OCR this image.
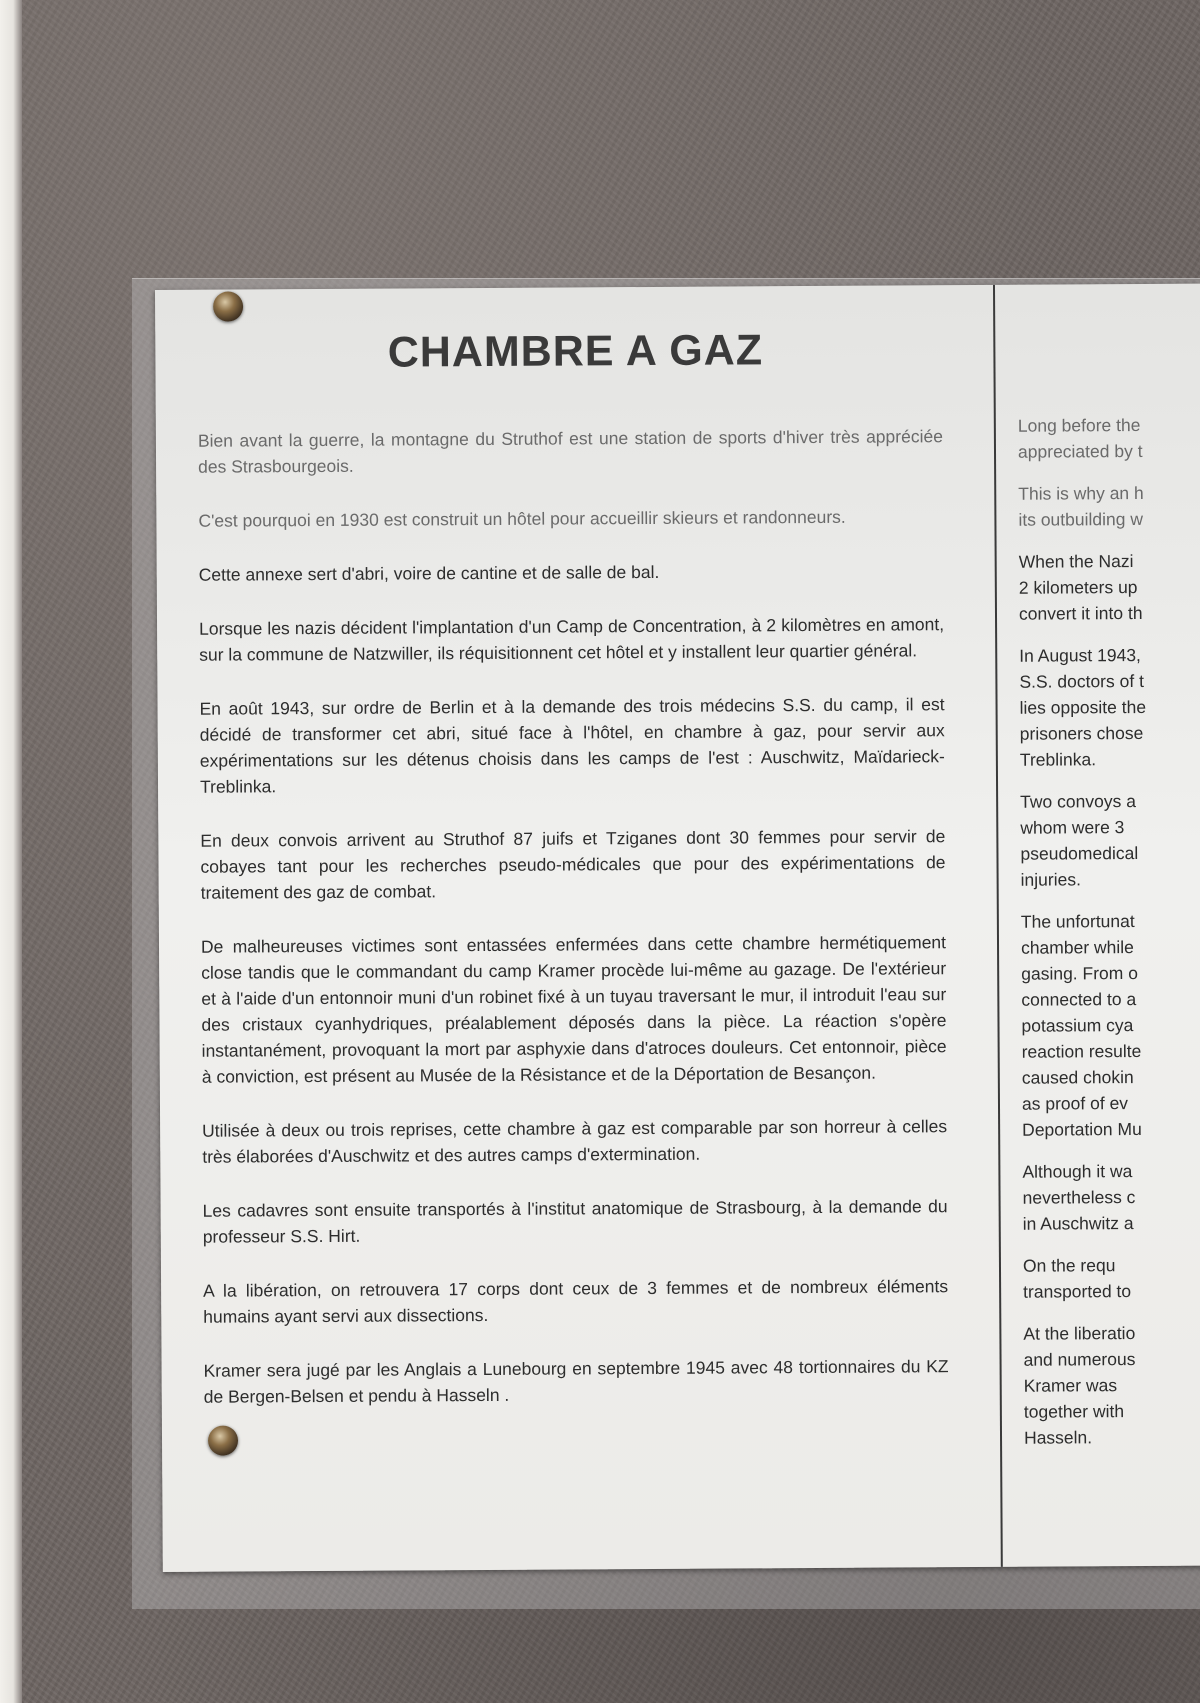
CHAMBRE A GAZ

Bien avant la guerre, la montagne du Struthof est une station de sports d'hiver très appréciée des Strasbourgeois.

C'est pourquoi en 1930 est construit un hôtel pour accueillir skieurs et randonneurs.

Cette annexe sert d'abri, voire de cantine et de salle de bal.

Lorsque les nazis décident l'implantation d'un Camp de Concentration, à 2 kilomètres en amont, sur la commune de Natzwiller, ils réquisitionnent cet hôtel et y installent leur quartier général.

En août 1943, sur ordre de Berlin et à la demande des trois médecins S.S. du camp, il est décidé de transformer cet abri, situé face à l'hôtel, en chambre à gaz, pour servir aux expérimentations sur les détenus choisis dans les camps de l'est : Auschwitz, Maïdarieck- Treblinka.

En deux convois arrivent au Struthof 87 juifs et Tziganes dont 30 femmes pour servir de cobayes tant pour les recherches pseudo-médicales que pour des expérimentations de traitement des gaz de combat.

De malheureuses victimes sont entassées enfermées dans cette chambre hermétiquement close tandis que le commandant du camp Kramer procède lui-même au gazage. De l'extérieur et à l'aide d'un entonnoir muni d'un robinet fixé à un tuyau traversant le mur, il introduit l'eau sur des cristaux cyanhydriques, préalablement déposés dans la pièce. La réaction s'opère instantanément, provoquant la mort par asphyxie dans d'atroces douleurs. Cet entonnoir, pièce à conviction, est présent au Musée de la Résistance et de la Déportation de Besançon.

Utilisée à deux ou trois reprises, cette chambre à gaz est comparable par son horreur à celles très élaborées d'Auschwitz et des autres camps d'extermination.

Les cadavres sont ensuite transportés à l'institut anatomique de Strasbourg, à la demande du professeur S.S. Hirt.

A la libération, on retrouvera 17 corps dont ceux de 3 femmes et de nombreux éléments humains ayant servi aux dissections.

Kramer sera jugé par les Anglais a Lunebourg en septembre 1945 avec 48 tortionnaires du KZ de Bergen-Belsen et pendu à Hasseln .

Long before the
appreciated by t

This is why an h
its outbuilding w

When the Nazi
2 kilometers up
convert it into th

In August 1943,
S.S. doctors of t
lies opposite the
prisoners chose
Treblinka.

Two convoys a
whom were 3
pseudomedical
injuries.

The unfortunat
chamber while
gasing. From o
connected to a
potassium cya
reaction resulte
caused chokin
as proof of ev
Deportation Mu

Although it wa
nevertheless c
in Auschwitz a

On the requ
transported to

At the liberatio
and numerous
Kramer was
together with
Hasseln.
